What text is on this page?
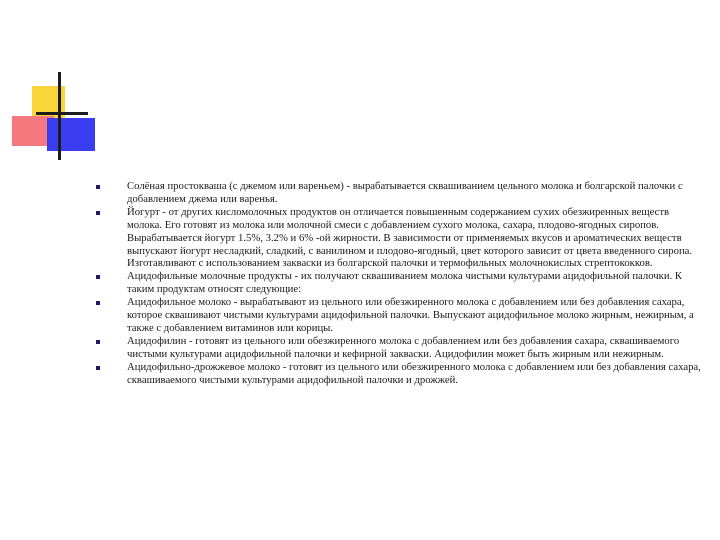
Солёная простокваша (с джемом или вареньем) - вырабатывается сквашиванием цельного молока и болгарской палочки с добавлением джема или варенья.
Йогурт - от других кисломолочных продуктов он отличается повышенным содержанием сухих обезжиренных веществ молока. Его готовят из молока или молочной смеси с добавлением сухого молока, сахара, плодово-ягодных сиропов. Вырабатывается йогурт 1.5%, 3.2% и 6% -ой жирности. В зависимости от применяемых вкусов и ароматических веществ выпускают йогурт несладкий, сладкий, с ванилином и плодово-ягодный, цвет которого зависит от цвета введенного сиропа. Изготавливают с использованием закваски из болгарской палочки и термофильных молочнокислых стрептококков.
Ацидофильные молочные продукты - их получают сквашиванием молока чистыми культурами ацидофильной палочки. К таким продуктам относят следующие:
Ацидофильное молоко - вырабатывают из цельного или обезжиренного молока с добавлением или без добавления сахара, которое сквашивают чистыми культурами ацидофильной палочки. Выпускают ацидофильное молоко жирным, нежирным, а также с добавлением витаминов или корицы.
Ацидофилин - готовят из цельного или обезжиренного молока с добавлением или без добавления сахара, сквашиваемого чистыми культурами ацидофильной палочки и кефирной закваски. Ацидофилин может быть жирным или нежирным.
Ацидофильно-дрожжевое молоко - готовят из цельного или обезжиренного молока с добавлением или без добавления сахара, сквашиваемого чистыми культурами ацидофильной палочки и дрожжей.
